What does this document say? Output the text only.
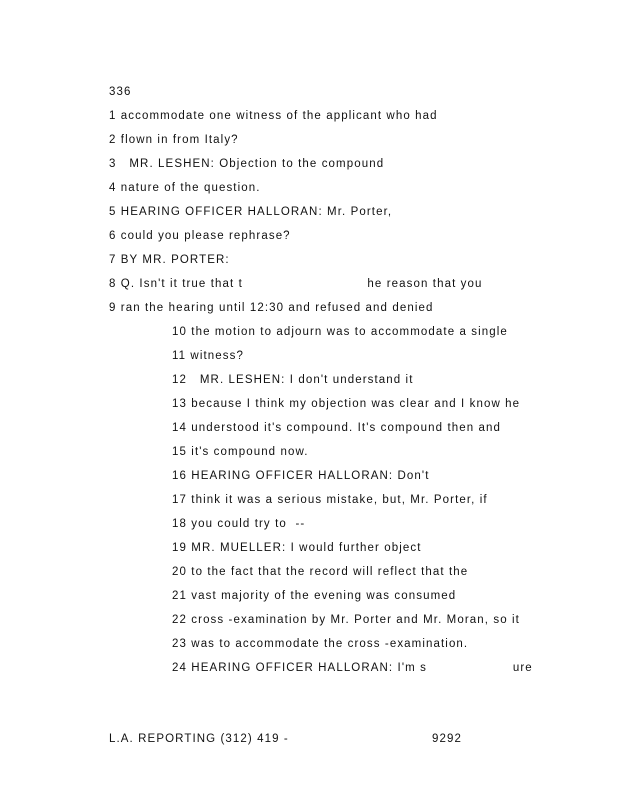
336
1 accommodate one witness of the applicant who had
2 flown in from Italy?
3   MR. LESHEN: Objection to the compound
4 nature of the question.
5 HEARING OFFICER HALLORAN: Mr. Porter,
6 could you please rephrase?
7 BY MR. PORTER:
8 Q. Isn't it true that t                             he reason that you
9 ran the hearing until 12:30 and refused and denied
10 the motion to adjourn was to accommodate a single
11 witness?
12   MR. LESHEN: I don't understand it
13 because I think my objection was clear and I know he
14 understood it's compound. It's compound then and
15 it's compound now.
16 HEARING OFFICER HALLORAN: Don't
17 think it was a serious mistake, but, Mr. Porter, if
18 you could try to  --
19 MR. MUELLER: I would further object
20 to the fact that the record will reflect that the
21 vast majority of the evening was consumed
22 cross -examination by Mr. Porter and Mr. Moran, so it
23 was to accommodate the cross -examination.
24 HEARING OFFICER HALLORAN: I'm s                    ure
L.A. REPORTING (312) 419 -	9292
